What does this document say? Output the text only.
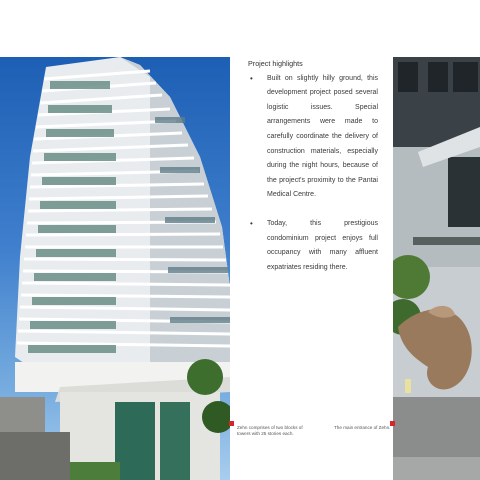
Project highlights
• Built on slightly hilly ground, this development project posed several logistic issues. Special arrangements were made to carefully coordinate the delivery of construction materials, especially during the night hours, because of the project's proximity to the Pantai Medical Centre.
• Today, this prestigious condominium project enjoys full occupancy with many affluent expatriates residing there.
Zehn comprises of two blocks of towers with 25 stories each.
The main entrance of Zehn.
